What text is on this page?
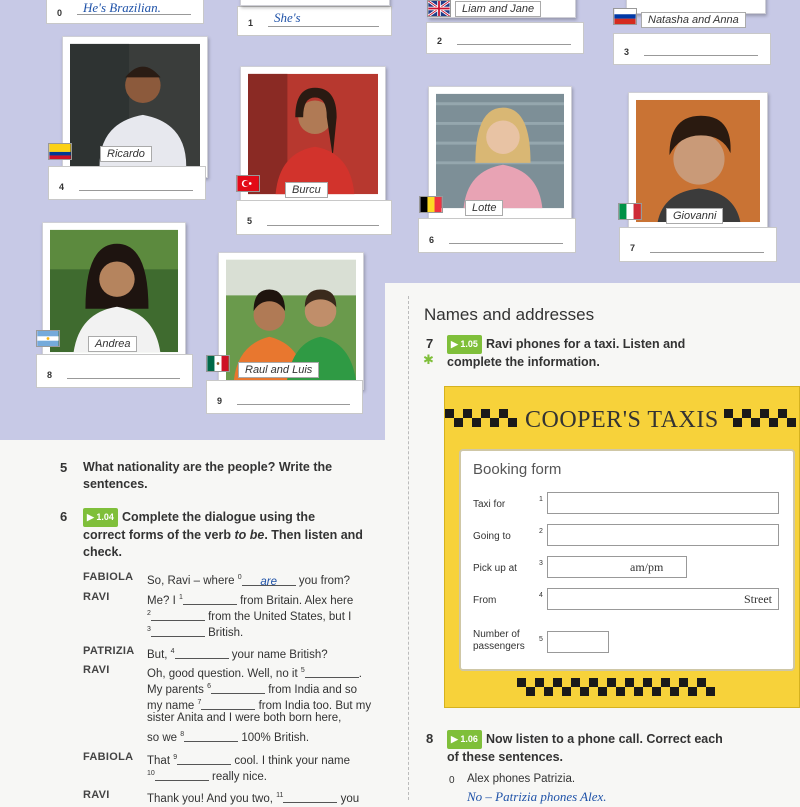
0 He's Brazilian.
1 She's
Liam and Jane
2
Natasha and Anna
3
Ricardo
4	Burcu
5
Lotte
6
Giovanni
7
Andrea
8	Raul and Luis
9
5 What nationality are the people? Write the sentences.
6	▶ 1.04 Complete the dialogue using the
correct forms of the verb to be. Then listen and
check.
FABIOLA So, Ravi – where $^0$ are you from?
RAVI	Me? I $^1$	from Britain. Alex here
$^2$	from the United States, but I
$^3$	British.
PATRIZIA But, $^4$	your name British?
RAVI	Oh, good question. Well, no it $^5$	.
My parents $^6$	from India and so
my name $^7$	from India too. But my
sister Anita and I were both born here,
so we $^8$	100% British.
FABIOLA That $^9$	cool. I think your name
$^{10}$	really nice.
RAVI	Thank you! And you two, $^{11}$	you
Names and addresses
7
✱
▶ 1.05 Ravi phones for a taxi. Listen and
complete the information.
COOPER'S TAXIS
Booking form
Taxi for	1
Going to	2
Pick up at	3	am/pm
From	4	Street
Number of
passengers
5
8	▶ 1.06 Now listen to a phone call. Correct each
of these sentences.
0 Alex phones Patrizia.
No – Patrizia phones Alex.
